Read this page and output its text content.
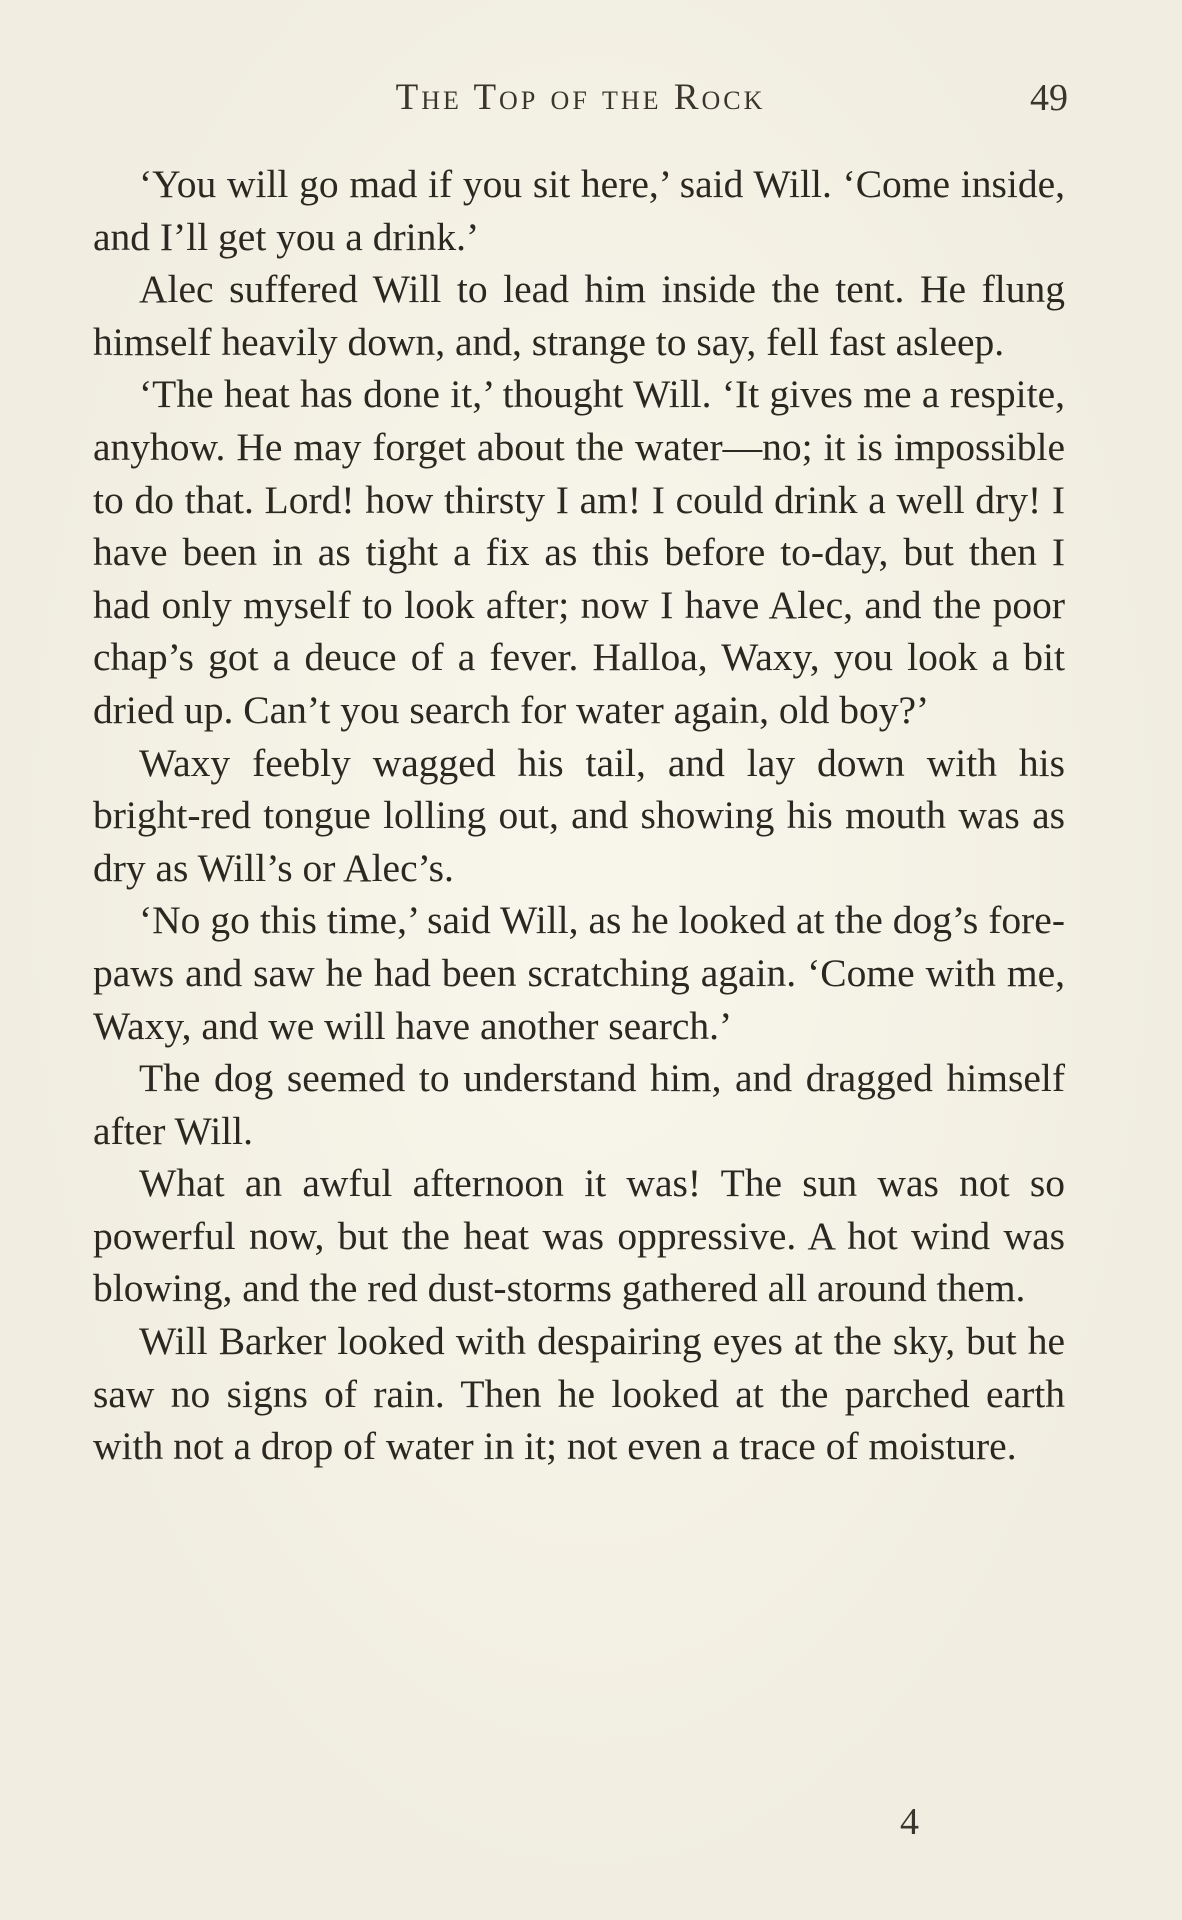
The Top of the Rock	49

‘You will go mad if you sit here,’ said Will. ‘Come inside, and I’ll get you a drink.’

Alec suffered Will to lead him inside the tent. He flung himself heavily down, and, strange to say, fell fast asleep.

‘The heat has done it,’ thought Will. ‘It gives me a respite, anyhow. He may forget about the water—no; it is impossible to do that. Lord! how thirsty I am! I could drink a well dry! I have been in as tight a fix as this before to-day, but then I had only myself to look after; now I have Alec, and the poor chap’s got a deuce of a fever. Halloa, Waxy, you look a bit dried up. Can’t you search for water again, old boy?’

Waxy feebly wagged his tail, and lay down with his bright-red tongue lolling out, and showing his mouth was as dry as Will’s or Alec’s.

‘No go this time,’ said Will, as he looked at the dog’s fore-paws and saw he had been scratching again. ‘Come with me, Waxy, and we will have another search.’

The dog seemed to understand him, and dragged himself after Will.

What an awful afternoon it was! The sun was not so powerful now, but the heat was oppressive. A hot wind was blowing, and the red dust-storms gathered all around them.

Will Barker looked with despairing eyes at the sky, but he saw no signs of rain. Then he looked at the parched earth with not a drop of water in it; not even a trace of moisture.

4
